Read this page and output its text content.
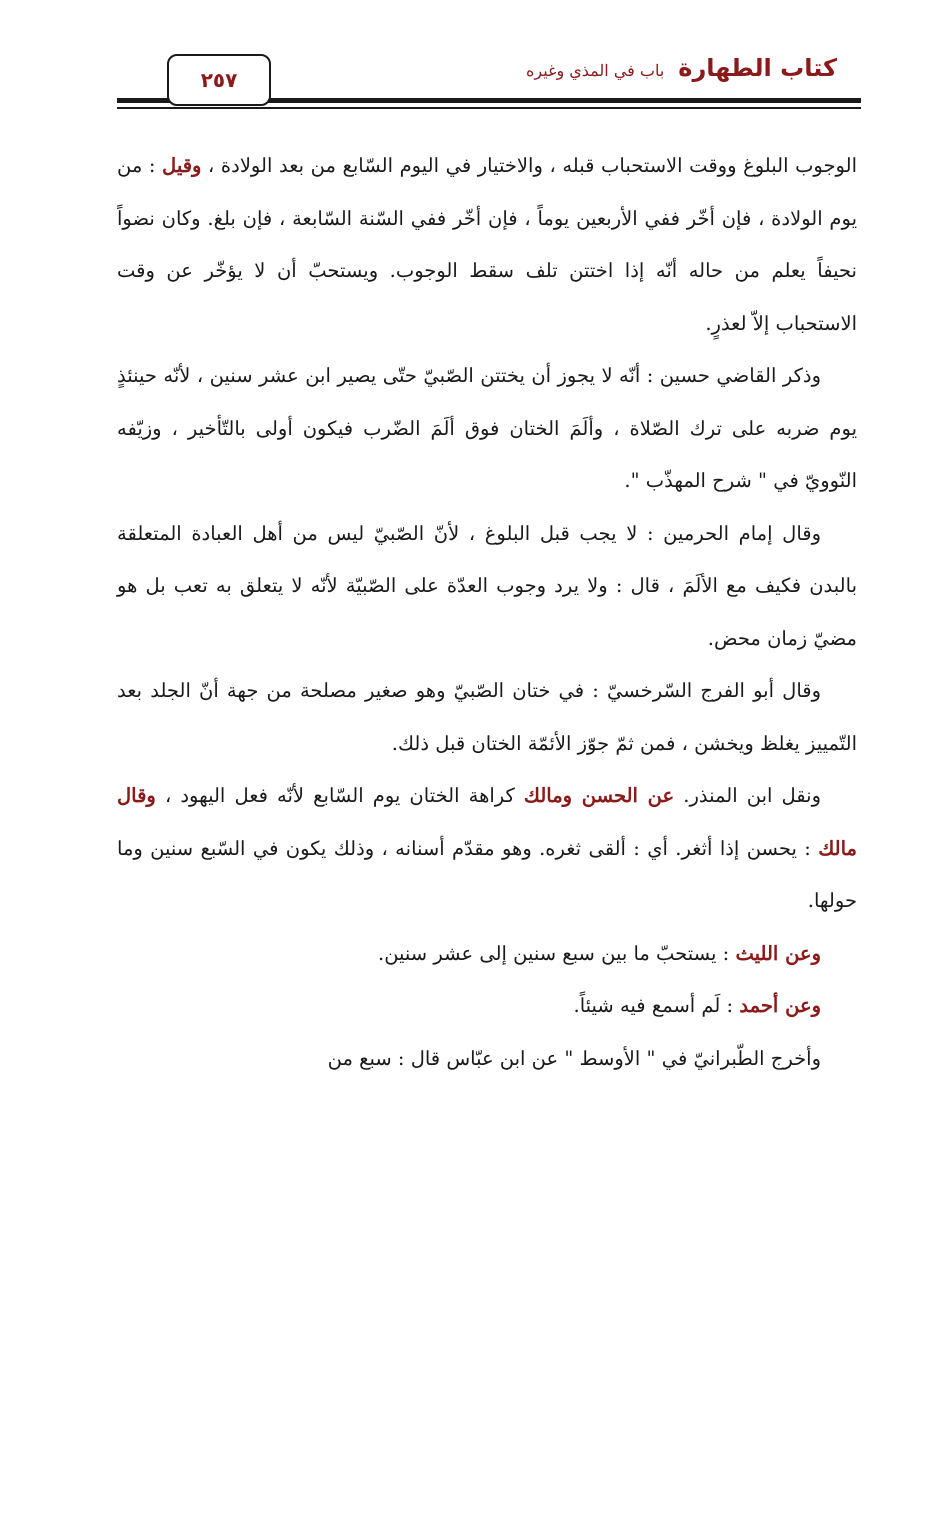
كتاب الطهارة
باب في المذي وغيره
٢٥٧

الوجوب البلوغ ووقت الاستحباب قبله ، والاختيار في اليوم السّابع من بعد الولادة ، وقيل : من يوم الولادة ، فإن أخّر ففي الأربعين يوماً ، فإن أخّر ففي السّنة السّابعة ، فإن بلغ. وكان نضواً نحيفاً يعلم من حاله أنّه إذا اختتن تلف سقط الوجوب. ويستحبّ أن لا يؤخّر عن وقت الاستحباب إلاّ لعذرٍ.

وذكر القاضي حسين : أنّه لا يجوز أن يختتن الصّبيّ حتّى يصير ابن عشر سنين ، لأنّه حينئذٍ يوم ضربه على ترك الصّلاة ، وألَمَ الختان فوق ألَمَ الضّرب فيكون أولى بالتّأخير ، وزيّفه النّوويّ في " شرح المهذّب ".

وقال إمام الحرمين : لا يجب قبل البلوغ ، لأنّ الصّبيّ ليس من أهل العبادة المتعلقة بالبدن فكيف مع الألَمَ ، قال : ولا يرد وجوب العدّة على الصّبيّة لأنّه لا يتعلق به تعب بل هو مضيّ زمان محض.

وقال أبو الفرج السّرخسيّ : في ختان الصّبيّ وهو صغير مصلحة من جهة أنّ الجلد بعد التّمييز يغلظ ويخشن ، فمن ثمّ جوّز الأئمّة الختان قبل ذلك.

ونقل ابن المنذر. عن الحسن ومالك كراهة الختان يوم السّابع لأنّه فعل اليهود ، وقال مالك : يحسن إذا أثغر. أي : ألقى ثغره. وهو مقدّم أسنانه ، وذلك يكون في السّبع سنين وما حولها.

وعن الليث : يستحبّ ما بين سبع سنين إلى عشر سنين.

وعن أحمد : لَم أسمع فيه شيئاً.

وأخرج الطّبرانيّ في " الأوسط " عن ابن عبّاس قال : سبع من
